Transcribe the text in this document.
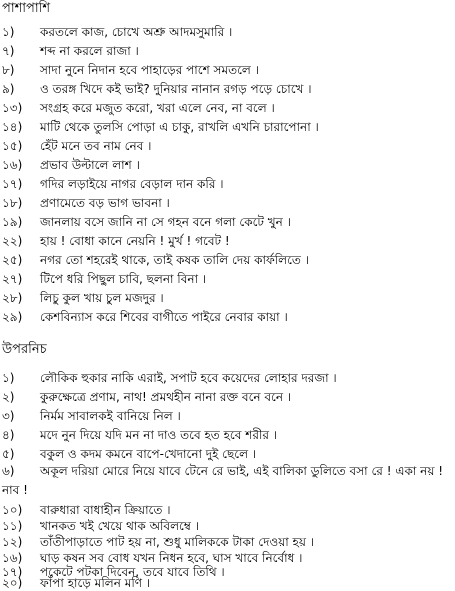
পাশাপাশি
১)	করতলে কাজ, চোখে অশ্রু আদমসুমারি ।
৭)	শব্দ না করলে রাজা ।
৮)	সাদা নুনে নিদান হবে পাহাড়ের পাশে সমতলে ।
৯)	ও তরঙ্গ খিদে কই ভাই? দুনিয়ার নানান রগড় পড়ে চোখে ।
১৩)	সংগ্রহ করে মজুত করো, খরা এলে নেব, না বলে ।
১৪)	মাটি থেকে তুলসি পোড়া এ চাকু, রাখলি এখনি চারাপোনা ।
১৫)	হেঁট মনে তব নাম নেব ।
১৬)	প্রভাব উল্টালে লাশ ।
১৭)	গদির লড়াইয়ে নাগর বেড়াল দান করি ।
১৮)	প্রণামেতে বড় ভাগ ভাবনা ।
১৯)	জানলায় বসে জানি না সে গহন বনে গলা কেটে খুন ।
২২)	হায় ! বোধা কানে নেয়নি ! মুর্খ ! গবেট !
২৫)	নগর তো শহরেই থাকে, তাই কষক তালি দেয় কার্ফলিতে ।
২৭)	টিপে ধরি পিছুল চাবি, ছলনা বিনা ।
২৮)	লিচু কুল খায় চুল মজদুর ।
২৯)	কেশবিন্যাস করে শিবের বাগীতে পাইরে নেবার কায়া ।
উপরনিচ
১)	লৌকিক হুকার নাকি এরাই, সপাট হবে কয়েদের লোহার দরজা ।
২)	কুরুক্ষেত্রে প্রণাম, নাথ! প্রমথহীন নানা রক্ত বনে বনে ।
৩)	নির্মম সাবালকই বানিয়ে নিল ।
৪)	মদে নুন দিয়ে যদি মন না দাও তবে হত হবে শরীর ।
৫)	বকুল ও কদম কমনে বাপে-খেদানো দুই ছেলে ।
৬) অকূল দরিয়া মোরে নিয়ে যাবে টেনে রে ভাই, এই বালিকা ডুলিতে বসা রে ! একা নয় ! নাব !
১০)	বারুধারা বাধাহীন ক্রিয়াতে ।
১১)	খানকত খই খেয়ে থাক অবিলম্বে ।
১২)	তাঁতীপাড়াতে পাট হয় না, শুধু মালিককে টাকা দেওয়া হয় ।
১৬)	ঘাড় কষন সব বোধ যখন নিধন হবে, ঘাস খাবে নির্বোধ ।
১৭)	পকেটে পটকা দিবেন, তবে যাবে তিথি ।
২০)	ফাঁপা হাড়ে মলিন মণি ।
